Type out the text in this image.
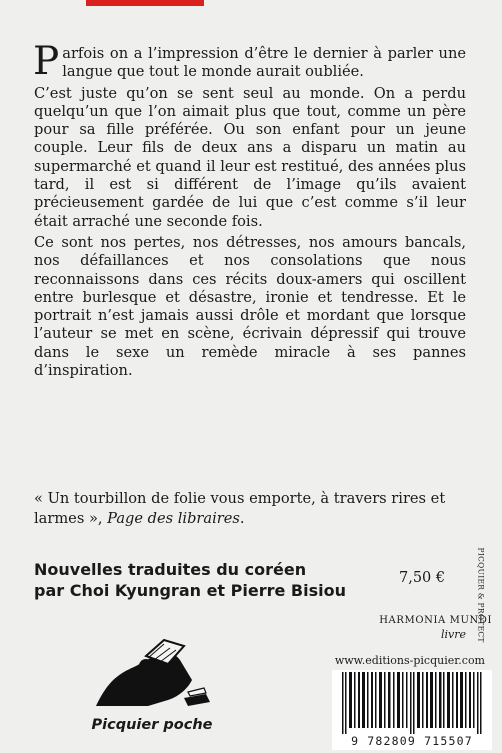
Parfois on a l’impression d’être le dernier à parler une langue que tout le monde aurait oubliée.

C’est juste qu’on se sent seul au monde. On a perdu quelqu’un que l’on aimait plus que tout, comme un père pour sa fille préférée. Ou son enfant pour un jeune couple. Leur fils de deux ans a disparu un matin au supermarché et quand il leur est restitué, des années plus tard, il est si différent de l’image qu’ils avaient précieusement gardée de lui que c’est comme s’il leur était arraché une seconde fois.

Ce sont nos pertes, nos détresses, nos amours bancals, nos défaillances et nos consolations que nous reconnaissons dans ces récits doux-amers qui oscillent entre burlesque et désastre, ironie et tendresse. Et le portrait n’est jamais aussi drôle et mordant que lorsque l’auteur se met en scène, écrivain dépressif qui trouve dans le sexe un remède miracle à ses pannes d’inspiration.

« Un tourbillon de folie vous emporte, à travers rires et larmes », Page des libraires.
Nouvelles traduites du coréen
par Choi Kyungran et Pierre Bisiou
7,50 €	PICQUIER & PROTECT
HARMONIA MUNDI
livre
www.editions-picquier.com
Picquier poche
9 782809 715507
